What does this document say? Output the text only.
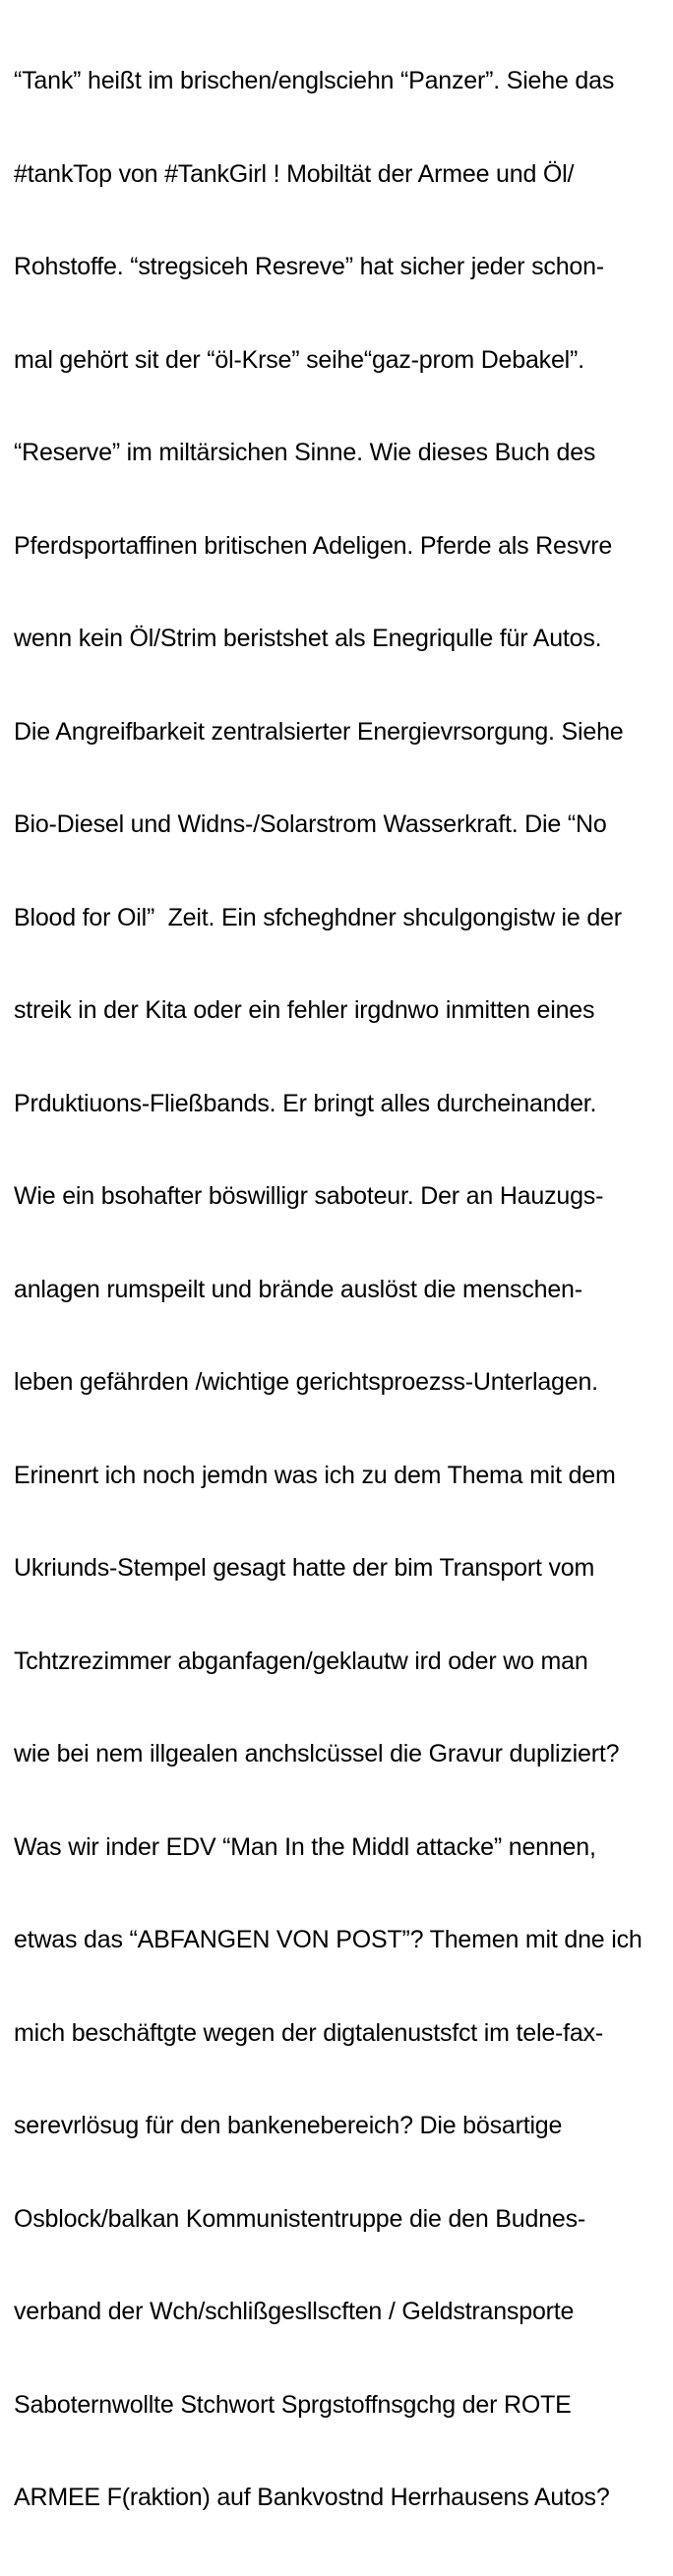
“Tank” heißt im brischen/englsciehn “Panzer”. Siehe das

#tankTop von #TankGirl ! Mobiltät der Armee und Öl/

Rohstoffe. “stregsiceh Resreve” hat sicher jeder schon-

mal gehört sit der “öl-Krse” seihe“gaz-prom Debakel”.

“Reserve” im miltärsichen Sinne. Wie dieses Buch des

Pferdsportaffinen britischen Adeligen. Pferde als Resvre

wenn kein Öl/Strim beristshet als Enegriqulle für Autos.

Die Angreifbarkeit zentralsierter Energievrsorgung. Siehe

Bio-Diesel und Widns-/Solarstrom Wasserkraft. Die “No

Blood for Oil”  Zeit. Ein sfcheghdner shculgongistw ie der

streik in der Kita oder ein fehler irgdnwo inmitten eines

Prduktiuons-Fließbands. Er bringt alles durcheinander.

Wie ein bsohafter böswilligr saboteur. Der an Hauzugs-

anlagen rumspeilt und brände auslöst die menschen-

leben gefährden /wichtige gerichtsproezss-Unterlagen.

Erinenrt ich noch jemdn was ich zu dem Thema mit dem

Ukriunds-Stempel gesagt hatte der bim Transport vom

Tchtzrezimmer abganfagen/geklautw ird oder wo man

wie bei nem illgealen anchslcüssel die Gravur dupliziert?

Was wir inder EDV “Man In the Middl attacke” nennen,

etwas das “ABFANGEN VON POST”? Themen mit dne ich

mich beschäftgte wegen der digtalenustsfct im tele-fax-

serevrlösug für den bankenebereich? Die bösartige

Osblock/balkan Kommunistentruppe die den Budnes-

verband der Wch/schlißgesllscften / Geldstransporte

Saboternwollte Stchwort Sprgstoffnsgchg der ROTE

ARMEE F(raktion) auf Bankvostnd Herrhausens Autos?
